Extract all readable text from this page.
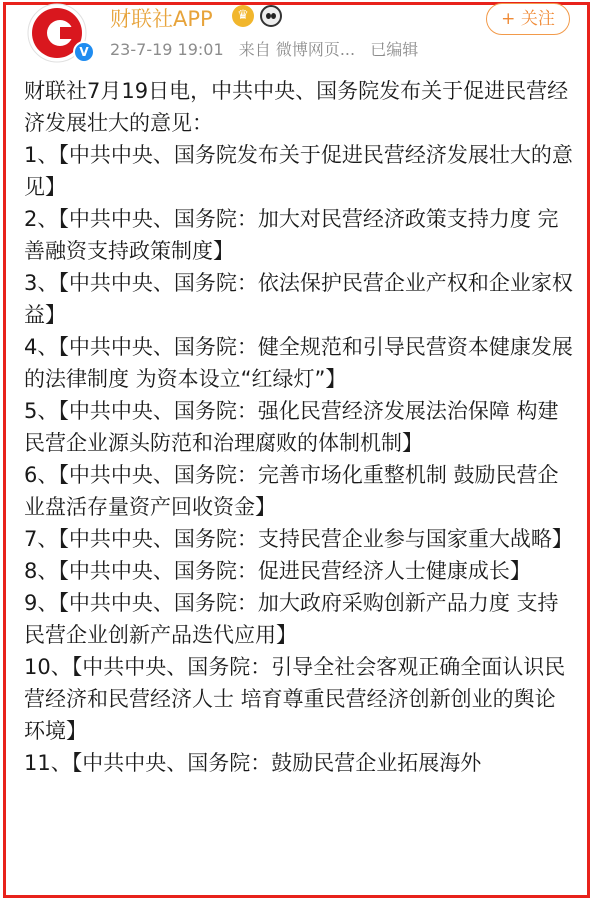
V
财联社APP	♛	+ 关注
23-7-19 19:01 来自 微博网页... 已编辑

财联社7月19日电，中共中央、国务院发布关于促进民营经济发展壮大的意见：

1、【中共中央、国务院发布关于促进民营经济发展壮大的意见】

2、【中共中央、国务院：加大对民营经济政策支持力度 完善融资支持政策制度】

3、【中共中央、国务院：依法保护民营企业产权和企业家权益】

4、【中共中央、国务院：健全规范和引导民营资本健康发展的法律制度 为资本设立“红绿灯”】

5、【中共中央、国务院：强化民营经济发展法治保障 构建民营企业源头防范和治理腐败的体制机制】

6、【中共中央、国务院：完善市场化重整机制 鼓励民营企业盘活存量资产回收资金】

7、【中共中央、国务院：支持民营企业参与国家重大战略】

8、【中共中央、国务院：促进民营经济人士健康成长】

9、【中共中央、国务院：加大政府采购创新产品力度 支持民营企业创新产品迭代应用】

10、【中共中央、国务院：引导全社会客观正确全面认识民营经济和民营经济人士 培育尊重民营经济创新创业的舆论环境】

11、【中共中央、国务院：鼓励民营企业拓展海外
